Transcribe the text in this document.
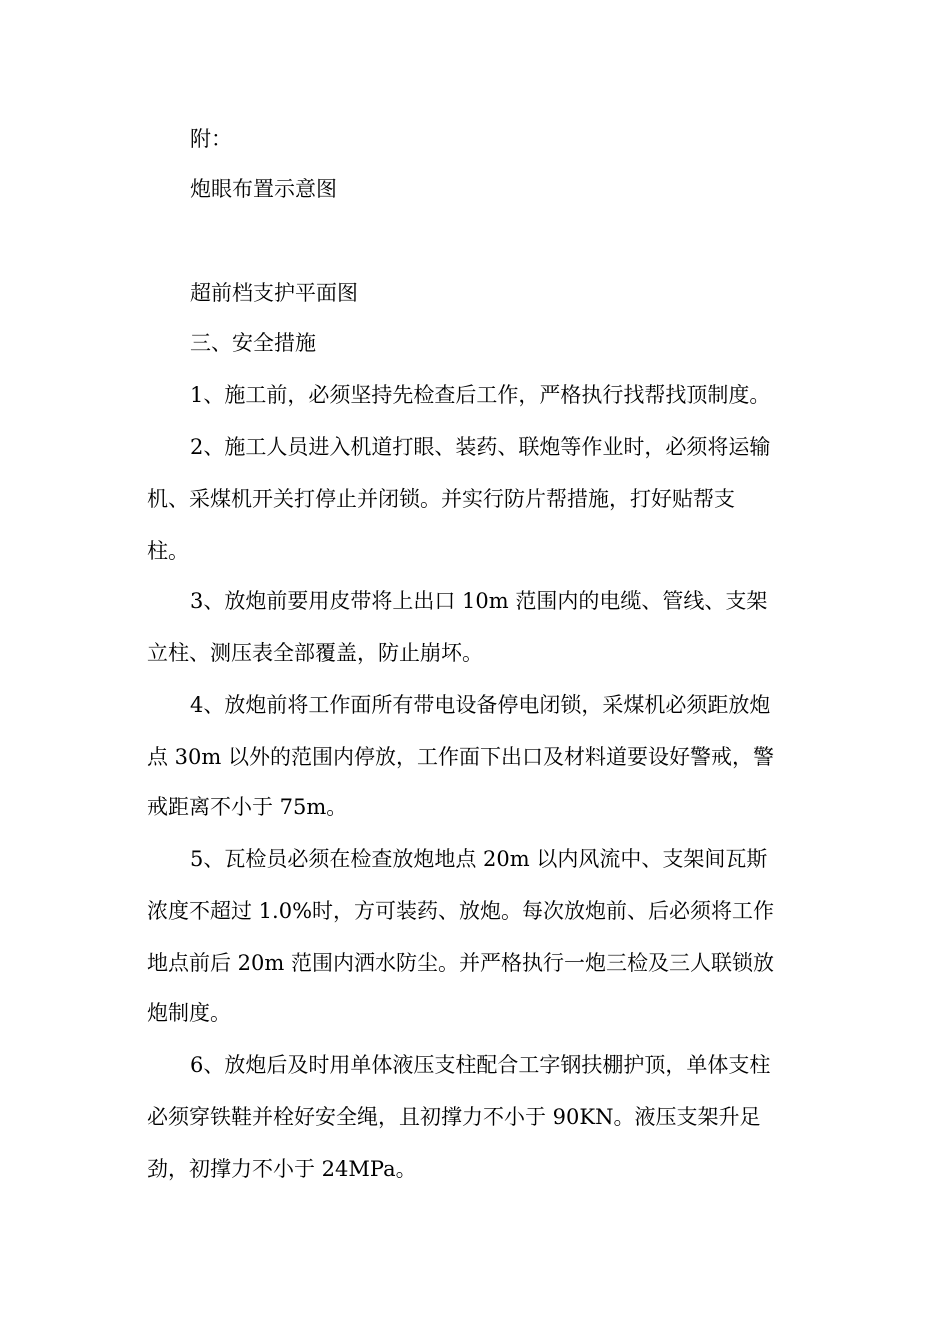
附：
炮眼布置示意图
超前档支护平面图
三、安全措施
1、施工前，必须坚持先检查后工作，严格执行找帮找顶制度。
2、施工人员进入机道打眼、装药、联炮等作业时，必须将运输
机、采煤机开关打停止并闭锁。并实行防片帮措施，打好贴帮支
柱。
3、放炮前要用皮带将上出口 10m 范围内的电缆、管线、支架
立柱、测压表全部覆盖，防止崩坏。
4、放炮前将工作面所有带电设备停电闭锁，采煤机必须距放炮
点 30m 以外的范围内停放，工作面下出口及材料道要设好警戒，警
戒距离不小于 75m。
5、瓦检员必须在检查放炮地点 20m 以内风流中、支架间瓦斯
浓度不超过 1.0%时，方可装药、放炮。每次放炮前、后必须将工作
地点前后 20m 范围内洒水防尘。并严格执行一炮三检及三人联锁放
炮制度。
6、放炮后及时用单体液压支柱配合工字钢扶棚护顶，单体支柱
必须穿铁鞋并栓好安全绳，且初撑力不小于 90KN。液压支架升足
劲，初撑力不小于 24MPa。
